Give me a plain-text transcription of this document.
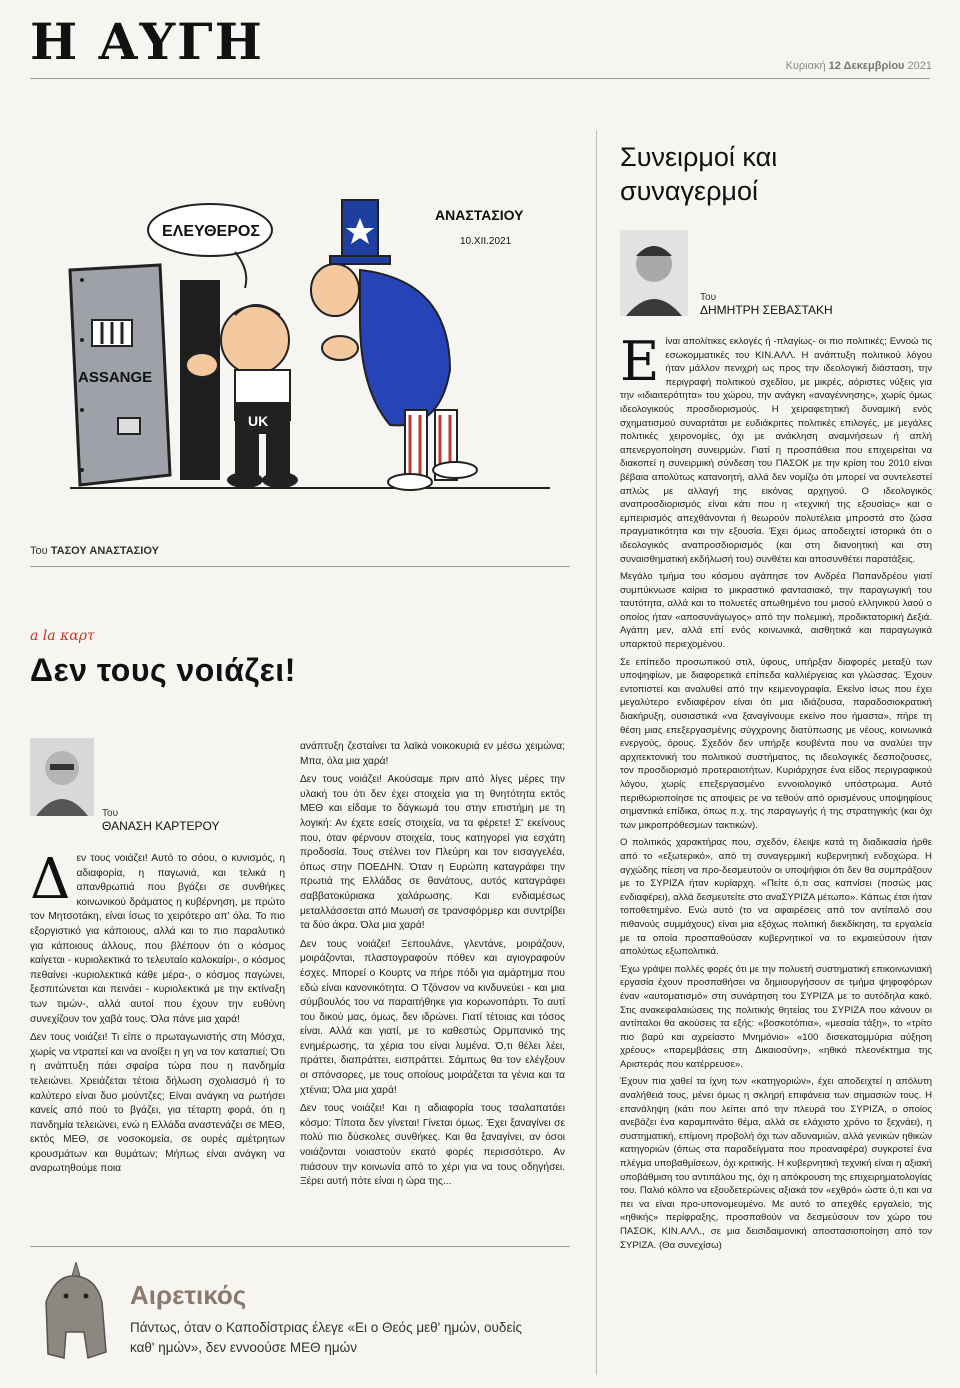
Η ΑΥΓΗ	Κυριακή 12 Δεκεμβρίου 2021
ASSANGE
ΕΛΕΥΘΕΡΟΣ
UK
ΑΝΑΣΤΑΣΙΟΥ
10.XII.2021
Του ΤΑΣΟΥ ΑΝΑΣΤΑΣΙΟΥ
a la καρτ
Δεν τους νοιάζει!
Του
ΘΑΝΑΣΗ ΚΑΡΤΕΡΟΥ

Δεν τους νοιάζει! Αυτό το σόου, ο κυνισμός, η αδιαφορία, η παγωνιά, και τελικά η απανθρωπιά που βγάζει σε συνθήκες κοινωνικού δράματος η κυβέρνηση, με πρώτο τον Μητσοτάκη, είναι ίσως το χειρότερο απ' όλα. Το πιο εξοργιστικό για κάποιους, αλλά και το πιο παραλυτικό για κάποιους άλλους, που βλέπουν ότι ο κόσμος καίγεται - κυριολεκτικά το τελευταίο καλοκαίρι-, ο κόσμος πεθαίνει -κυριολεκτικά κάθε μέρα-, ο κόσμος παγώνει, ξεσπιτώνεται και πεινάει - κυριολεκτικά με την εκτίναξη των τιμών-, αλλά αυτοί που έχουν την ευθύνη συνεχίζουν τον χαβά τους. Όλα πάνε μια χαρά!

Δεν τους νοιάζει! Τι είπε ο πρωταγωνιστής στη Μόσχα, χωρίς να ντραπεί και να ανοίξει η γη να τον καταπιεί; Ότι η ανάπτυξη πάει σφαίρα τώρα που η πανδημία τελειώνει. Χρειάζεται τέτοια δήλωση σχολιασμό ή το καλύτερο είναι δυο μούντζες; Είναι ανάγκη να ρωτήσει κανείς από πού το βγάζει, για τέταρτη φορά, ότι η πανδημία τελειώνει, ενώ η Ελλάδα αναστενάζει σε ΜΕΘ, εκτός ΜΕΘ, σε νοσοκομεία, σε ουρές αμέτρητων κρουσμάτων και θυμάτων; Μήπως είναι ανάγκη να αναρωτηθούμε ποια

ανάπτυξη ζεσταίνει τα λαϊκά νοικοκυριά εν μέσω χειμώνα; Μπα, όλα μια χαρά!

Δεν τους νοιάζει! Ακούσαμε πριν από λίγες μέρες την υλακή του ότι δεν έχει στοιχεία για τη θνητότητα εκτός ΜΕΘ και είδαμε το δάγκωμά του στην επιστήμη με τη λογική: Αν έχετε εσείς στοιχεία, να τα φέρετε! Σ' εκείνους που, όταν φέρνουν στοιχεία, τους κατηγορεί για εσχάτη προδοσία. Τους στέλνει τον Πλεύρη και τον εισαγγελέα, όπως στην ΠΟΕΔΗΝ. Όταν η Ευρώπη καταγράφει την πρωτιά της Ελλάδας σε θανάτους, αυτός καταγράφει σαββατοκύριακα χαλάρωσης. Και ενδιαμέσως μεταλλάσσεται από Μωυσή σε τρανσφόρμερ και συντρίβει τα δύο άκρα. Όλα μια χαρά!

Δεν τους νοιάζει! Ξεπουλάνε, γλεντάνε, μοιράζουν, μοιράζονται, πλαστογραφούν πόθεν και αγιογραφούν έσχες. Μπορεί ο Κουρτς να πήρε πόδι για αμάρτημα που εδώ είναι κανονικότητα. Ο Τζόνσον να κινδυνεύει - και μια σύμβουλός του να παραιτήθηκε για κορωνοπάρτι. Το αυτί του δικού μας, όμως, δεν ιδρώνει. Γιατί τέτοιας και τόσος είναι. Αλλά και γιατί, με το καθεστώς Ορμπανικό της ενημέρωσης, τα χέρια του είναι λυμένα. Ό,τι θέλει λέει, πράττει, διαπράττει, εισπράττει. Σάμπως θα τον ελέγξουν οι σπόνσορες, με τους οποίους μοιράζεται τα γένια και τα χτένια; Όλα μια χαρά!

Δεν τους νοιάζει! Και η αδιαφορία τους τσαλαπατάει κόσμο: Τίποτα δεν γίνεται! Γίνεται όμως. Έχει ξαναγίνει σε πολύ πιο δύσκολες συνθήκες. Και θα ξαναγίνει, αν όσοι νοιάζονται νοιαστούν εκατό φορές περισσότερο. Αν πιάσουν την κοινωνία από το χέρι για να τους οδηγήσει. Ξέρει αυτή πότε είναι η ώρα της...

Συνειρμοί και
συναγερμοί
Του
ΔΗΜΗΤΡΗ ΣΕΒΑΣΤΑΚΗ

Είναι απολίτικες εκλογές ή -πλαγίως- οι πιο πολιτικές; Εννοώ τις εσωκομματικές του ΚΙΝ.ΑΛΛ. Η ανάπτυξη πολιτικού λόγου ήταν μάλλον πενιχρή ως προς την ιδεολογική διάσταση, την περιγραφή πολιτικού σχεδίου, με μικρές, αόριστες νύξεις για την «ιδιαιτερότητα» του χώρου, την ανάγκη «αναγέννησης», χωρίς όμως ιδεολογικούς προσδιορισμούς. Η χειραφετητική δυναμική ενός σχηματισμού συναρτάται με ευδιάκριτες πολιτικές επιλογές, με μεγάλες πολιτικές χειρονομίες, όχι με ανάκληση αναμνήσεων ή απλή απενεργοποίηση συνειρμών. Γιατί η προσπάθεια που επιχειρείται να διακοπεί η συνειρμική σύνδεση του ΠΑΣΟΚ με την κρίση του 2010 είναι βέβαια απολύτως κατανοητή, αλλά δεν νομίζω ότι μπορεί να συντελεστεί απλώς με αλλαγή της εικόνας αρχηγού. Ο ιδεολογικός αναπροσδιορισμός είναι κάτι που η «τεχνική της εξουσίας» και ο εμπειρισμός απεχθάνονται ή θεωρούν πολυτέλεια μπροστά στο ζώσα πραγματικότητα και την εξουσία. Έχει όμως αποδειχτεί ιστορικά ότι ο ιδεολογικός αναπροσδιορισμός (και στη διανοητική και στη συναισθηματική εκδήλωσή του) συνθέτει και αποσυνθέτει παρατάξεις.

Μεγάλο τμήμα του κόσμου αγάπησε τον Ανδρέα Παπανδρέου γιατί συμπύκνωσε καίρια το μικραστικό φαντασιακό, την παραγωγική του ταυτότητα, αλλά και το πολυετές απωθημένο του μισού ελληνικού λαού ο οποίος ήταν «αποσυνάγωγος» από την πολεμική, προδικτατορική Δεξιά. Αγάπη μεν, αλλά επί ενός κοινωνικά, αισθητικά και παραγωγικά υπαρκτού περιεχομένου.

Σε επίπεδο προσωπικού στιλ, ύφους, υπήρξαν διαφορές μεταξύ των υποψηφίων, με διαφορετικά επίπεδα καλλιέργειας και γλώσσας. Έχουν εντοπιστεί και αναλυθεί από την κειμενογραφία. Εκείνο ίσως που έχει μεγαλύτερο ενδιαφέρον είναι ότι μια ιδιάζουσα, παραδοσιοκρατική διακήρυξη, ουσιαστικά «να ξαναγίνουμε εκείνο που ήμαστα», πήρε τη θέση μιας επεξεργασμένης σύγχρονης διατύπωσης με νέους, κοινωνικά ενεργούς, όρους. Σχεδόν δεν υπήρξε κουβέντα που να αναλύει την αρχιτεκτονική του πολιτικού συστήματος, τις ιδεολογικές δεσποζουσες, τον προσδιορισμό προτεραιοτήτων. Κυριάρχησε ένα είδος περιγραφικού λόγου, χωρίς επεξεργασμένο εννοιολογικό υπόστρωμα. Αυτό περιθωριοποίησε τις αποψεις ρε να τεθούν από ορισμένους υποψηφίους σημαντικά επίδικα, όπως π.χ. της παραγωγής ή της στρατηγικής (και όχι των μικροπρόθεσμων τακτικών).

Ο πολιτικός χαρακτήρας που, σχεδόν, έλειψε κατά τη διαδικασία ήρθε από το «εξωτερικό», από τη συναγερμική κυβερνητική ενδοχώρα. Η αγχώδης πίεση να προ-δεσμευτούν οι υποψήφιοι ότι δεν θα συμπράξουν με το ΣΥΡΙΖΑ ήταν κυρίαρχη. «Πείτε ό,τι σας καπνίσει (ποσώς μας ενδιαφέρει), αλλά δεσμευτείτε στο αναΣΥΡΙΖΑ μέτωπο». Κάπως έτσι ήταν τοποθετημένο. Ενώ αυτό (το να αφαιρέσεις από τον αντίπαλό σου πιθανούς συμμάχους) είναι μια εξόχως πολιτική διεκδίκηση, τα εργαλεία με τα οποία προσπαθούσαν κυβερνητικοί να το εκμαιεύσουν ήταν απολύτως εξωπολιτικά.

Έχω γράψει πολλές φορές ότι με την πολυετή συστηματική επικοινωνιακή εργασία έχουν προσπαθήσει να δημιουργήσουν σε τμήμα ψηφοφόρων έναν «αυτοματισμό» στη συνάρτηση του ΣΥΡΙΖΑ με το αυτόδηλα κακό. Στις ανακεφαλαιώσεις της πολιτικής θητείας του ΣΥΡΙΖΑ που κάνουν οι αντίπαλοι θα ακούσεις τα εξής: «βοσκοτόπια», «μεσαία τάξη», το «τρίτο πιο βαρύ και αχρείαστο Μνημόνιο» «100 δισεκατομμύρια αύξηση χρέους» «παρεμβάσεις στη Δικαιοσύνη», «ηθικό πλεονέκτημα της Αριστεράς που κατέρρευσε».

Έχουν πια χαθεί τα ίχνη των «κατηγοριών», έχει αποδειχτεί η απόλυτη αναλήθειά τους, μένει όμως η σκληρή επιφάνεια των σημασιών τους. Η επανάληψη (κάτι που λείπει από την πλευρά του ΣΥΡΙΖΑ, ο οποίος ανεβάζει ένα καραμπινάτο θέμα, αλλά σε ελάχιστο χρόνο το ξεχνάει), η συστηματική, επίμονη προβολή όχι των αδυναμιών, αλλά γενικών ηθικών κατηγοριών (όπως στα παραδείγματα που προαναφέρα) συγκροτεί ένα πλέγμα υποβαθμίσεων, όχι κριτικής. Η κυβερνητική τεχνική είναι η αξιακή υποβάθμιση του αντιπάλου της, όχι η απόκρουση της επιχειρηματολογίας του. Παλιό κόλπο να εξουδετερώνεις αξιακά τον «εχθρό» ώστε ό,τι και να πει να είναι προ-υπονομευμένο. Με αυτό το απεχθές εργαλείο, της «ηθικής» περίφραξης, προσπαθούν να δεσμεύσουν τον χώρο του ΠΑΣΟΚ, ΚΙΝ.ΑΛΛ., σε μια δεισιδαιμονική αποστασιοποίηση από τον ΣΥΡΙΖΑ. (Θα συνεχίσω)

Αιρετικός
Πάντως, όταν ο Καποδίστριας έλεγε «Ει ο Θεός μεθ' ημών, ουδείς καθ' ημών», δεν εννοούσε ΜΕΘ ημών
